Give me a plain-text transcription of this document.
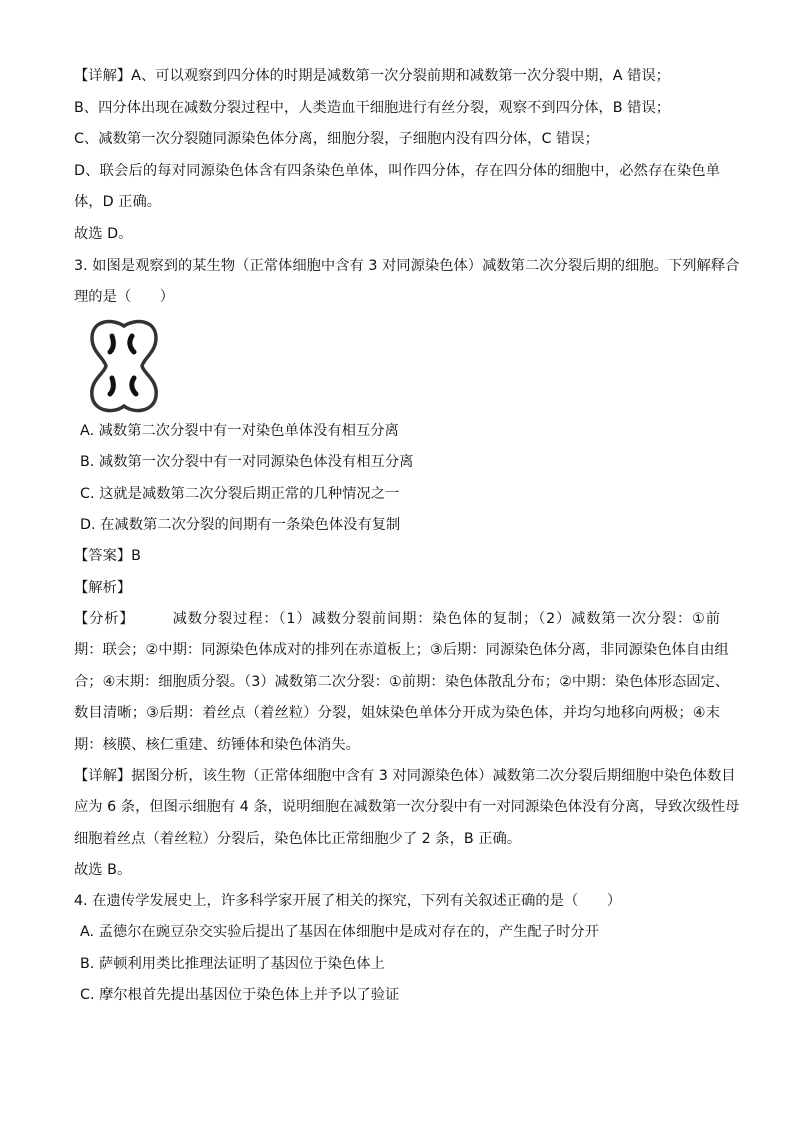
【详解】A、可以观察到四分体的时期是减数第一次分裂前期和减数第一次分裂中期，A 错误；
B、四分体出现在减数分裂过程中，人类造血干细胞进行有丝分裂，观察不到四分体，B 错误；
C、减数第一次分裂随同源染色体分离，细胞分裂，子细胞内没有四分体，C 错误；
D、联会后的每对同源染色体含有四条染色单体，叫作四分体，存在四分体的细胞中，必然存在染色单
体，D 正确。
故选 D。
3. 如图是观察到的某生物（正常体细胞中含有 3 对同源染色体）减数第二次分裂后期的细胞。下列解释合
理的是（　　）
A. 减数第二次分裂中有一对染色单体没有相互分离
B. 减数第一次分裂中有一对同源染色体没有相互分离
C. 这就是减数第二次分裂后期正常的几种情况之一
D. 在减数第二次分裂的间期有一条染色体没有复制
【答案】B
【解析】
【分析】　　　减数分裂过程：（1）减数分裂前间期：染色体的复制；（2）减数第一次分裂：①前
期：联会；②中期：同源染色体成对的排列在赤道板上；③后期：同源染色体分离，非同源染色体自由组
合；④末期：细胞质分裂。（3）减数第二次分裂：①前期：染色体散乱分布；②中期：染色体形态固定、
数目清晰；③后期：着丝点（着丝粒）分裂，姐妹染色单体分开成为染色体，并均匀地移向两极；④末
期：核膜、核仁重建、纺锤体和染色体消失。
【详解】据图分析，该生物（正常体细胞中含有 3 对同源染色体）减数第二次分裂后期细胞中染色体数目
应为 6 条，但图示细胞有 4 条，说明细胞在减数第一次分裂中有一对同源染色体没有分离，导致次级性母
细胞着丝点（着丝粒）分裂后，染色体比正常细胞少了 2 条，B 正确。
故选 B。
4. 在遗传学发展史上，许多科学家开展了相关的探究，下列有关叙述正确的是（　　）
A. 孟德尔在豌豆杂交实验后提出了基因在体细胞中是成对存在的，产生配子时分开
B. 萨顿利用类比推理法证明了基因位于染色体上
C. 摩尔根首先提出基因位于染色体上并予以了验证
